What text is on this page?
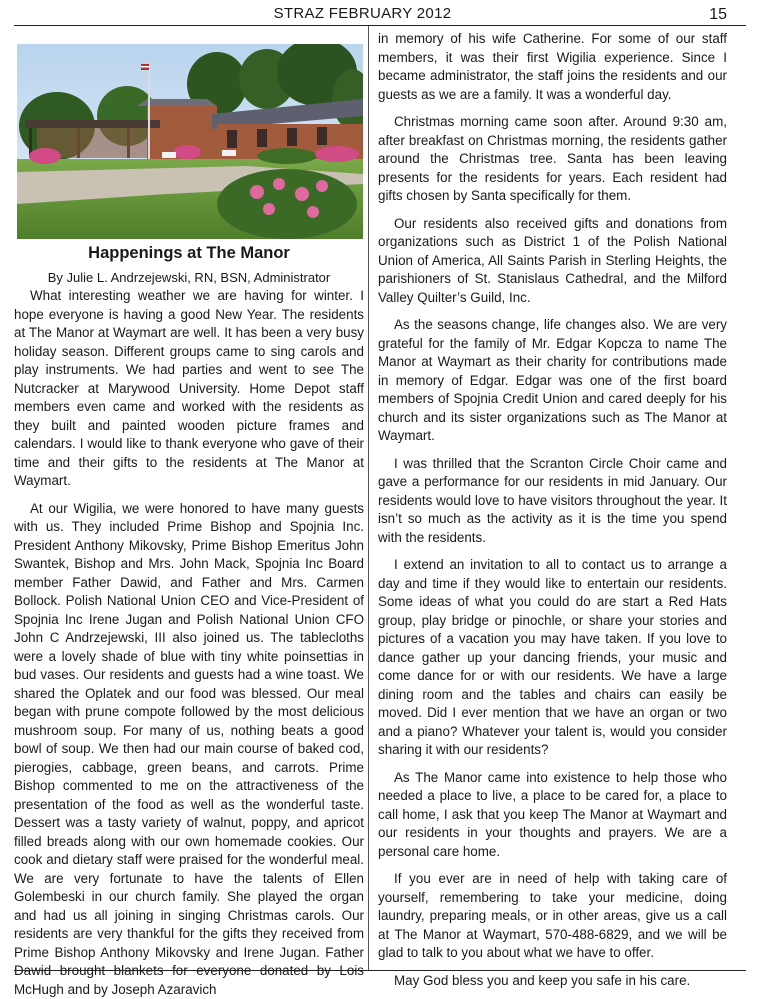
STRAZ FEBRUARY 2012	15
Happenings at The Manor
By Julie L. Andrzejewski, RN, BSN, Administrator

What interesting weather we are having for winter. I hope everyone is having a good New Year. The residents at The Manor at Waymart are well. It has been a very busy holiday season. Different groups came to sing carols and play instruments. We had parties and went to see The Nutcracker at Marywood University. Home Depot staff members even came and worked with the residents as they built and painted wooden picture frames and calendars. I would like to thank everyone who gave of their time and their gifts to the residents at The Manor at Waymart.

At our Wigilia, we were honored to have many guests with us. They included Prime Bishop and Spojnia Inc. President Anthony Mikovsky, Prime Bishop Emeritus John Swantek, Bishop and Mrs. John Mack, Spojnia Inc Board member Father Dawid, and Father and Mrs. Carmen Bollock. Polish National Union CEO and Vice-President of Spojnia Inc Irene Jugan and Polish National Union CFO John C Andrzejewski, III also joined us. The tablecloths were a lovely shade of blue with tiny white poinsettias in bud vases. Our residents and guests had a wine toast. We shared the Oplatek and our food was blessed. Our meal began with prune compote followed by the most delicious mushroom soup. For many of us, nothing beats a good bowl of soup. We then had our main course of baked cod, pierogies, cabbage, green beans, and carrots. Prime Bishop commented to me on the attractiveness of the presentation of the food as well as the wonderful taste. Dessert was a tasty variety of walnut, poppy, and apricot filled breads along with our own homemade cookies. Our cook and dietary staff were praised for the wonderful meal. We are very fortunate to have the talents of Ellen Golembeski in our church family. She played the organ and had us all joining in singing Christmas carols. Our residents are very thankful for the gifts they received from Prime Bishop Anthony Mikovsky and Irene Jugan. Father Dawid brought blankets for everyone donated by Lois McHugh and by Joseph Azaravich

in memory of his wife Catherine. For some of our staff members, it was their first Wigilia experience. Since I became administrator, the staff joins the residents and our guests as we are a family. It was a wonderful day.

Christmas morning came soon after. Around 9:30 am, after breakfast on Christmas morning, the residents gather around the Christmas tree. Santa has been leaving presents for the residents for years. Each resident had gifts chosen by Santa specifically for them.

Our residents also received gifts and donations from organizations such as District 1 of the Polish National Union of America, All Saints Parish in Sterling Heights, the parishioners of St. Stanislaus Cathedral, and the Milford Valley Quilter’s Guild, Inc.

As the seasons change, life changes also. We are very grateful for the family of Mr. Edgar Kopcza to name The Manor at Waymart as their charity for contributions made in memory of Edgar. Edgar was one of the first board members of Spojnia Credit Union and cared deeply for his church and its sister organizations such as The Manor at Waymart.

I was thrilled that the Scranton Circle Choir came and gave a performance for our residents in mid January. Our residents would love to have visitors throughout the year. It isn’t so much as the activity as it is the time you spend with the residents.

I extend an invitation to all to contact us to arrange a day and time if they would like to entertain our residents. Some ideas of what you could do are start a Red Hats group, play bridge or pinochle, or share your stories and pictures of a vacation you may have taken. If you love to dance gather up your dancing friends, your music and come dance for or with our residents. We have a large dining room and the tables and chairs can easily be moved. Did I ever mention that we have an organ or two and a piano? Whatever your talent is, would you consider sharing it with our residents?

As The Manor came into existence to help those who needed a place to live, a place to be cared for, a place to call home, I ask that you keep The Manor at Waymart and our residents in your thoughts and prayers. We are a personal care home.

If you ever are in need of help with taking care of yourself, remembering to take your medicine, doing laundry, preparing meals, or in other areas, give us a call at The Manor at Waymart, 570-488-6829, and we will be glad to talk to you about what we have to offer.

May God bless you and keep you safe in his care.
